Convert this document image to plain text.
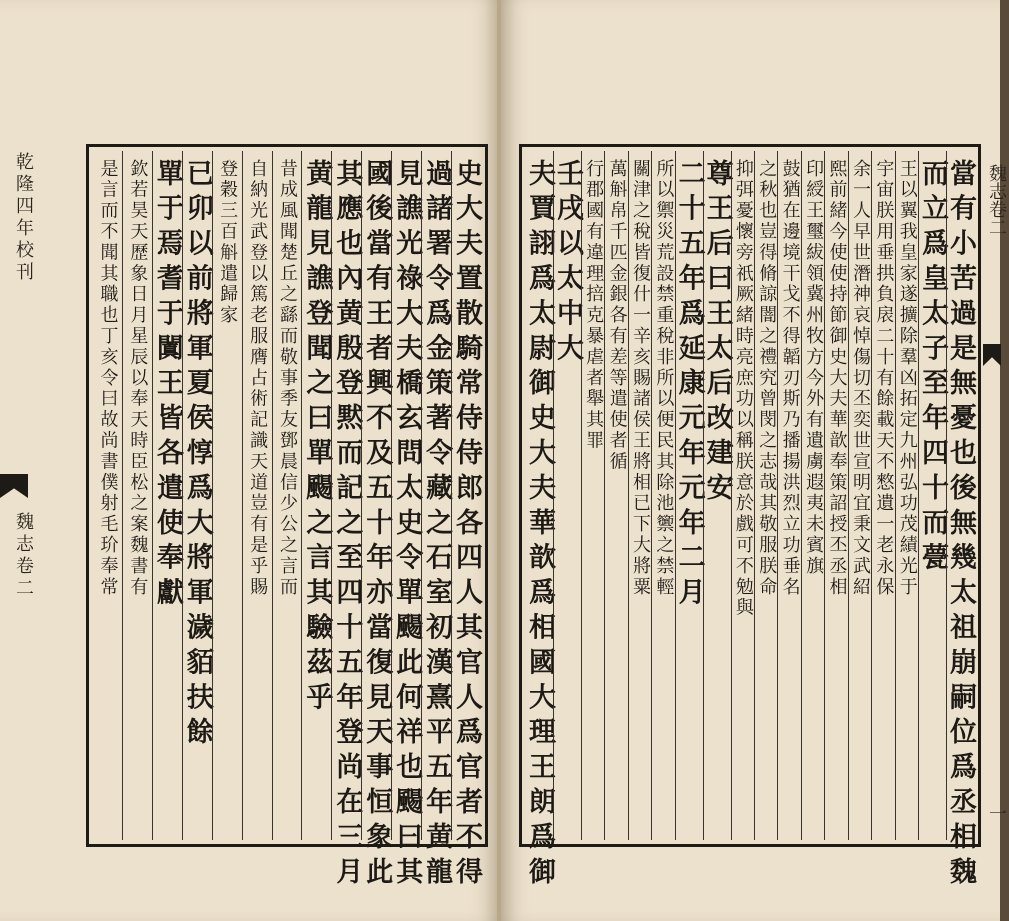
乾隆四年校刊
魏志卷二	史大夫置散騎常侍侍郎各四人其官人爲官者不得
過諸署令爲金策著令藏之石室初漢熹平五年黄龍
見譙光祿大夫橋玄問太史令單颺此何祥也颺曰其
國後當有王者興不及五十年亦當復見天事恒象此
其應也內黄殷登黙而記之至四十五年登尚在三月
黄龍見譙登聞之曰單颺之言其驗茲乎
昔成風聞楚丘之繇而敬事季友鄧晨信少公之言而
自納光武登以篤老服膺占術記識天道豈有是乎賜
登穀三百斛遣歸家
已卯以前將軍夏侯惇爲大將軍濊貊扶餘
單于焉耆于闐王皆各遣使奉獻
欽若昊天歷象日月星辰以奉天時臣松之案魏書有
是言而不聞其職也丁亥令曰故尚書僕射毛玠奉常	當有小苦過是無憂也後無幾太祖崩嗣位爲丞相魏
而立爲皇太子至年四十而甍
王以翼我皇家遂擴除羣凶拓定九州弘功茂績光于
宇宙朕用垂拱負扆二十有餘載天不憗遺一老永保
余一人早世潛神哀悼傷切丕奕世宣明宜秉文武紹
熙前緒今使使持節御史大夫華歆奉策詔授丕丞相
印綬王璽紱領冀州牧方今外有遺虜遐夷未賓旗
鼓猶在邊境干戈不得韜刃斯乃播揚洪烈立功垂名
之秋也豈得脩諒闇之禮究曾閔之志哉其敬服朕命
抑弭憂懷旁祇厥緒時亮庶功以稱朕意於戲可不勉與
尊王后曰王太后改建安
二十五年爲延康元年元年二月
所以禦災荒設禁重稅非所以便民其除池籞之禁輕
關津之稅皆復什一辛亥賜諸侯王將相已下大將粟
萬斛帛千匹金銀各有差等遣使者循
行郡國有違理掊克暴虐者舉其罪
壬戌以太中大
夫賈詡爲太尉御史大夫華歆爲相國大理王朗爲御	魏志卷二
一
